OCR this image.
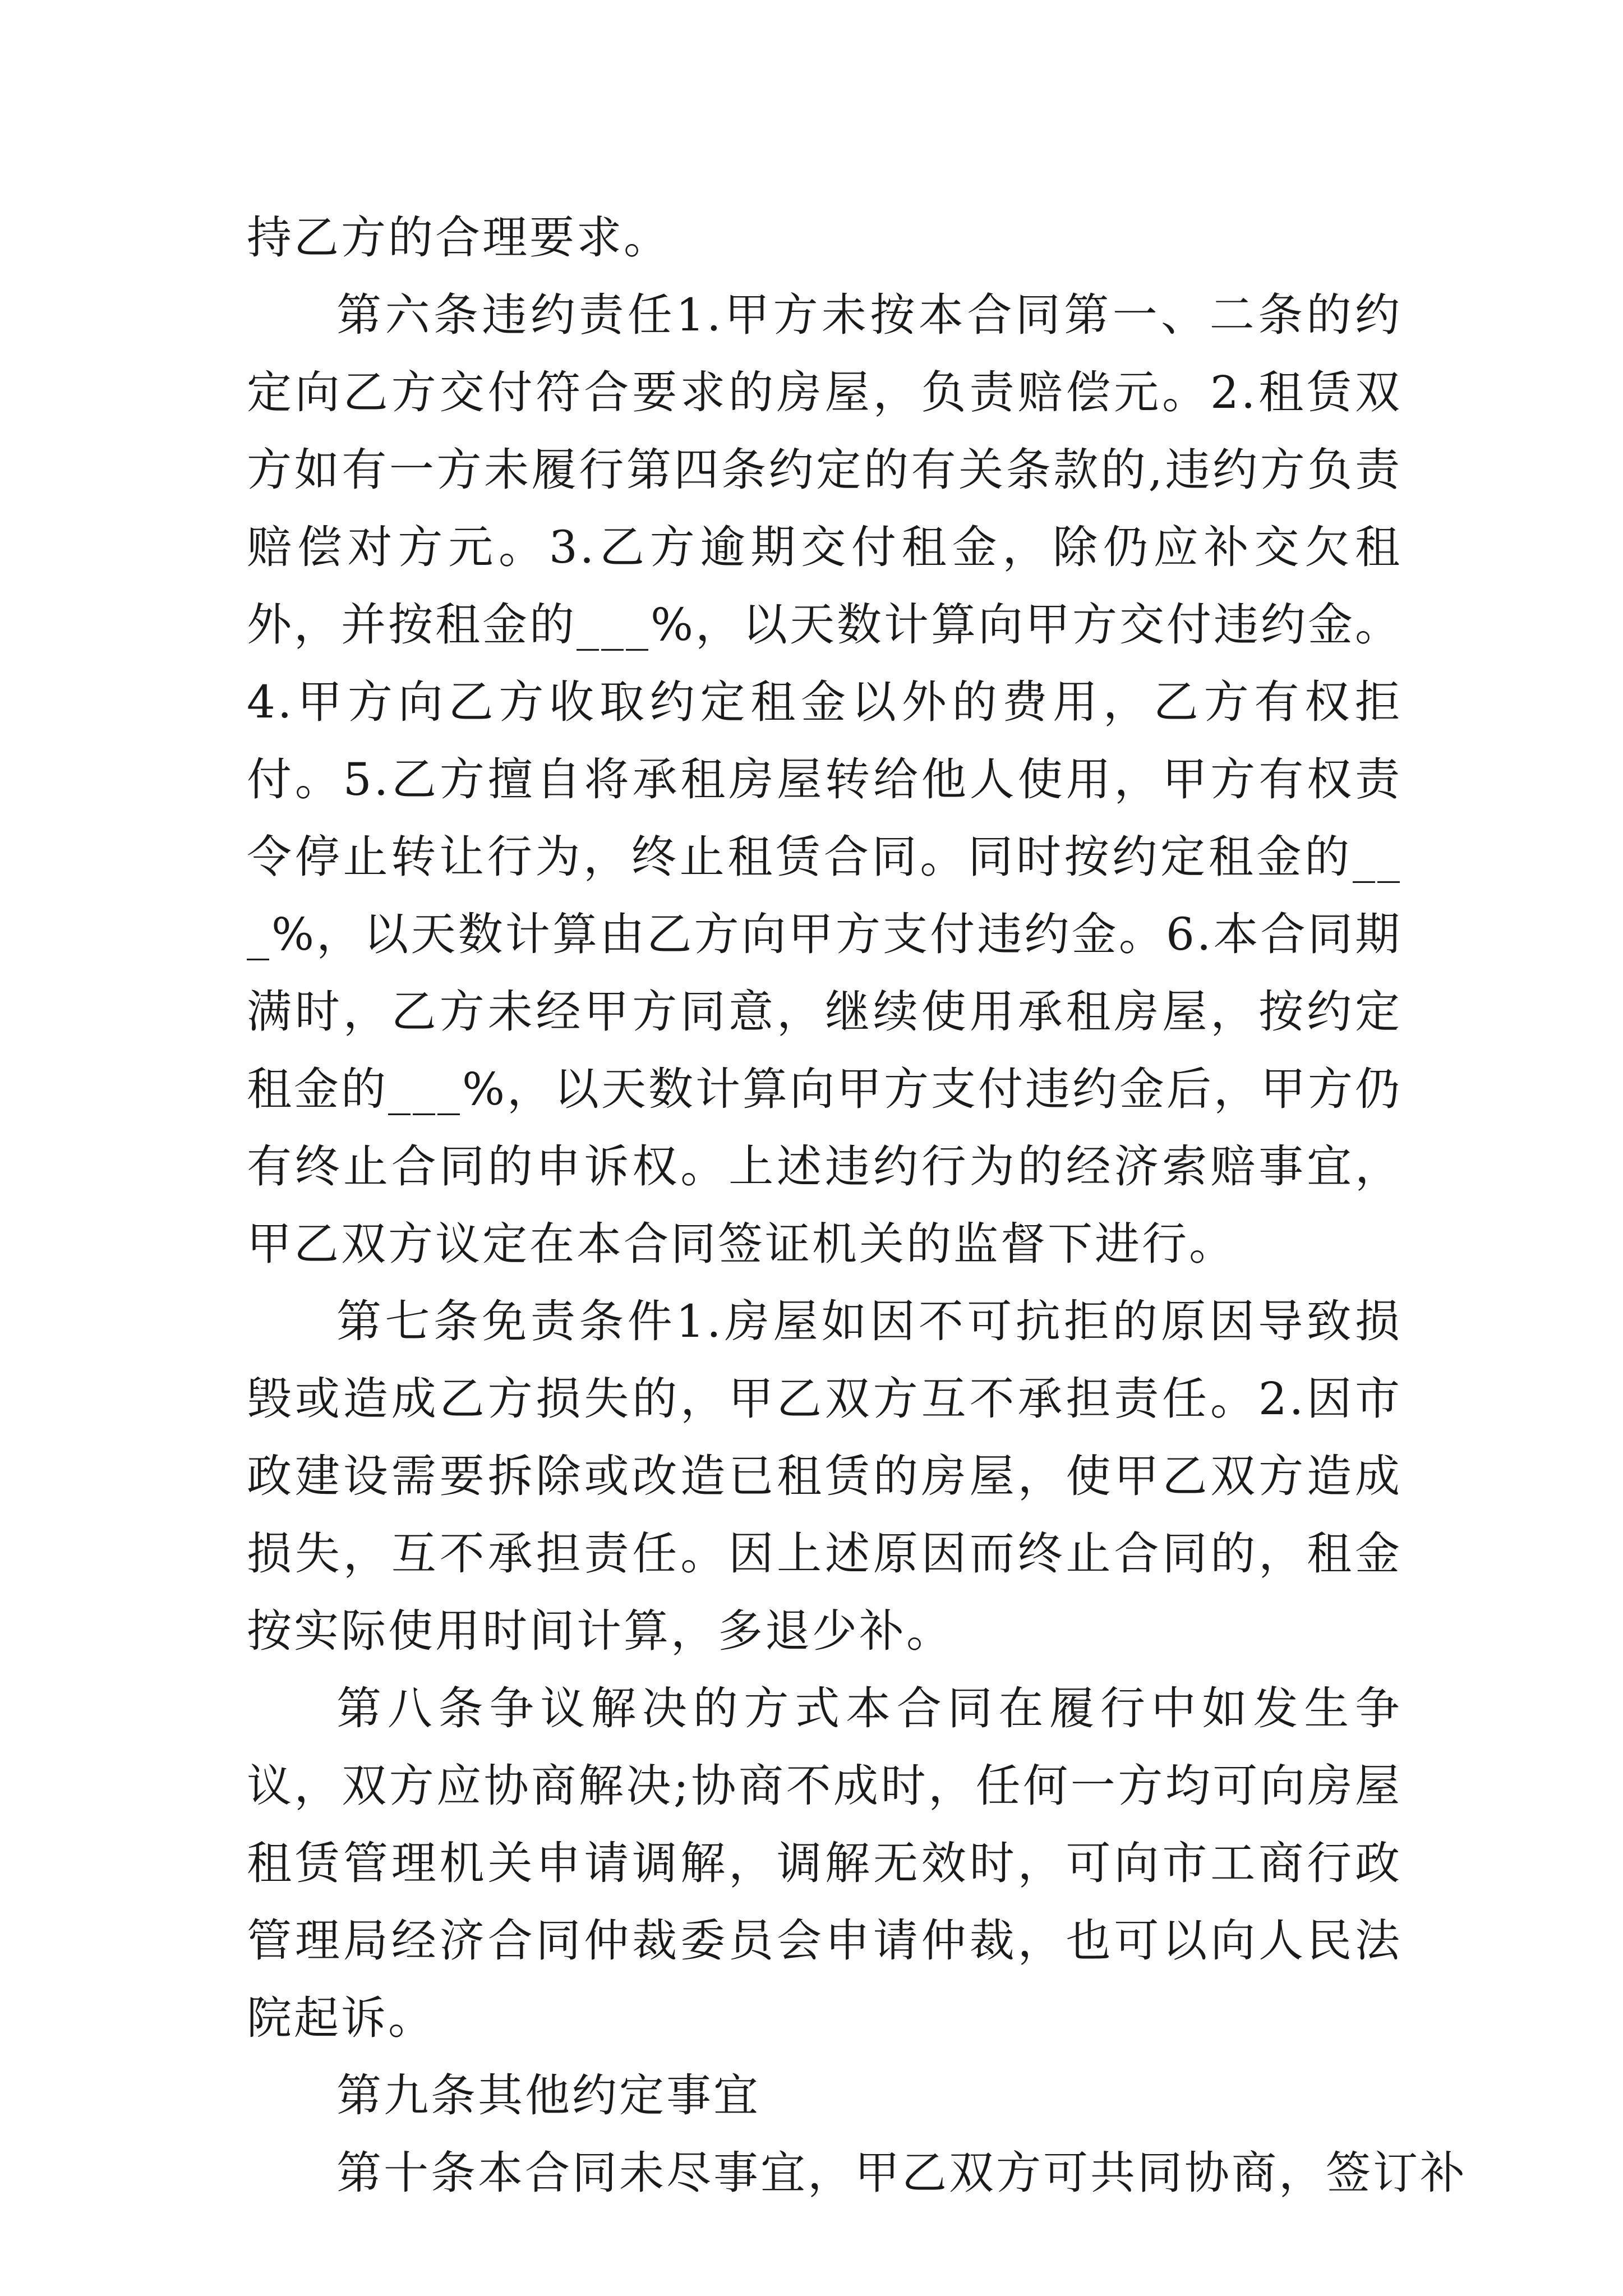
持乙方的合理要求。

第六条违约责任1.甲方未按本合同第一、二条的约定向乙方交付符合要求的房屋，负责赔偿元。2.租赁双方如有一方未履行第四条约定的有关条款的,违约方负责赔偿对方元。3.乙方逾期交付租金，除仍应补交欠租外，并按租金的___%，以天数计算向甲方交付违约金。4.甲方向乙方收取约定租金以外的费用，乙方有权拒付。5.乙方擅自将承租房屋转给他人使用，甲方有权责令停止转让行为，终止租赁合同。同时按约定租金的___%，以天数计算由乙方向甲方支付违约金。6.本合同期满时，乙方未经甲方同意，继续使用承租房屋，按约定租金的___%，以天数计算向甲方支付违约金后，甲方仍有终止合同的申诉权。上述违约行为的经济索赔事宜，甲乙双方议定在本合同签证机关的监督下进行。

第七条免责条件1.房屋如因不可抗拒的原因导致损毁或造成乙方损失的，甲乙双方互不承担责任。2.因市政建设需要拆除或改造已租赁的房屋，使甲乙双方造成损失，互不承担责任。因上述原因而终止合同的，租金按实际使用时间计算，多退少补。

第八条争议解决的方式本合同在履行中如发生争议，双方应协商解决;协商不成时，任何一方均可向房屋租赁管理机关申请调解，调解无效时，可向市工商行政管理局经济合同仲裁委员会申请仲裁，也可以向人民法院起诉。

第九条其他约定事宜

第十条本合同未尽事宜，甲乙双方可共同协商，签订补
